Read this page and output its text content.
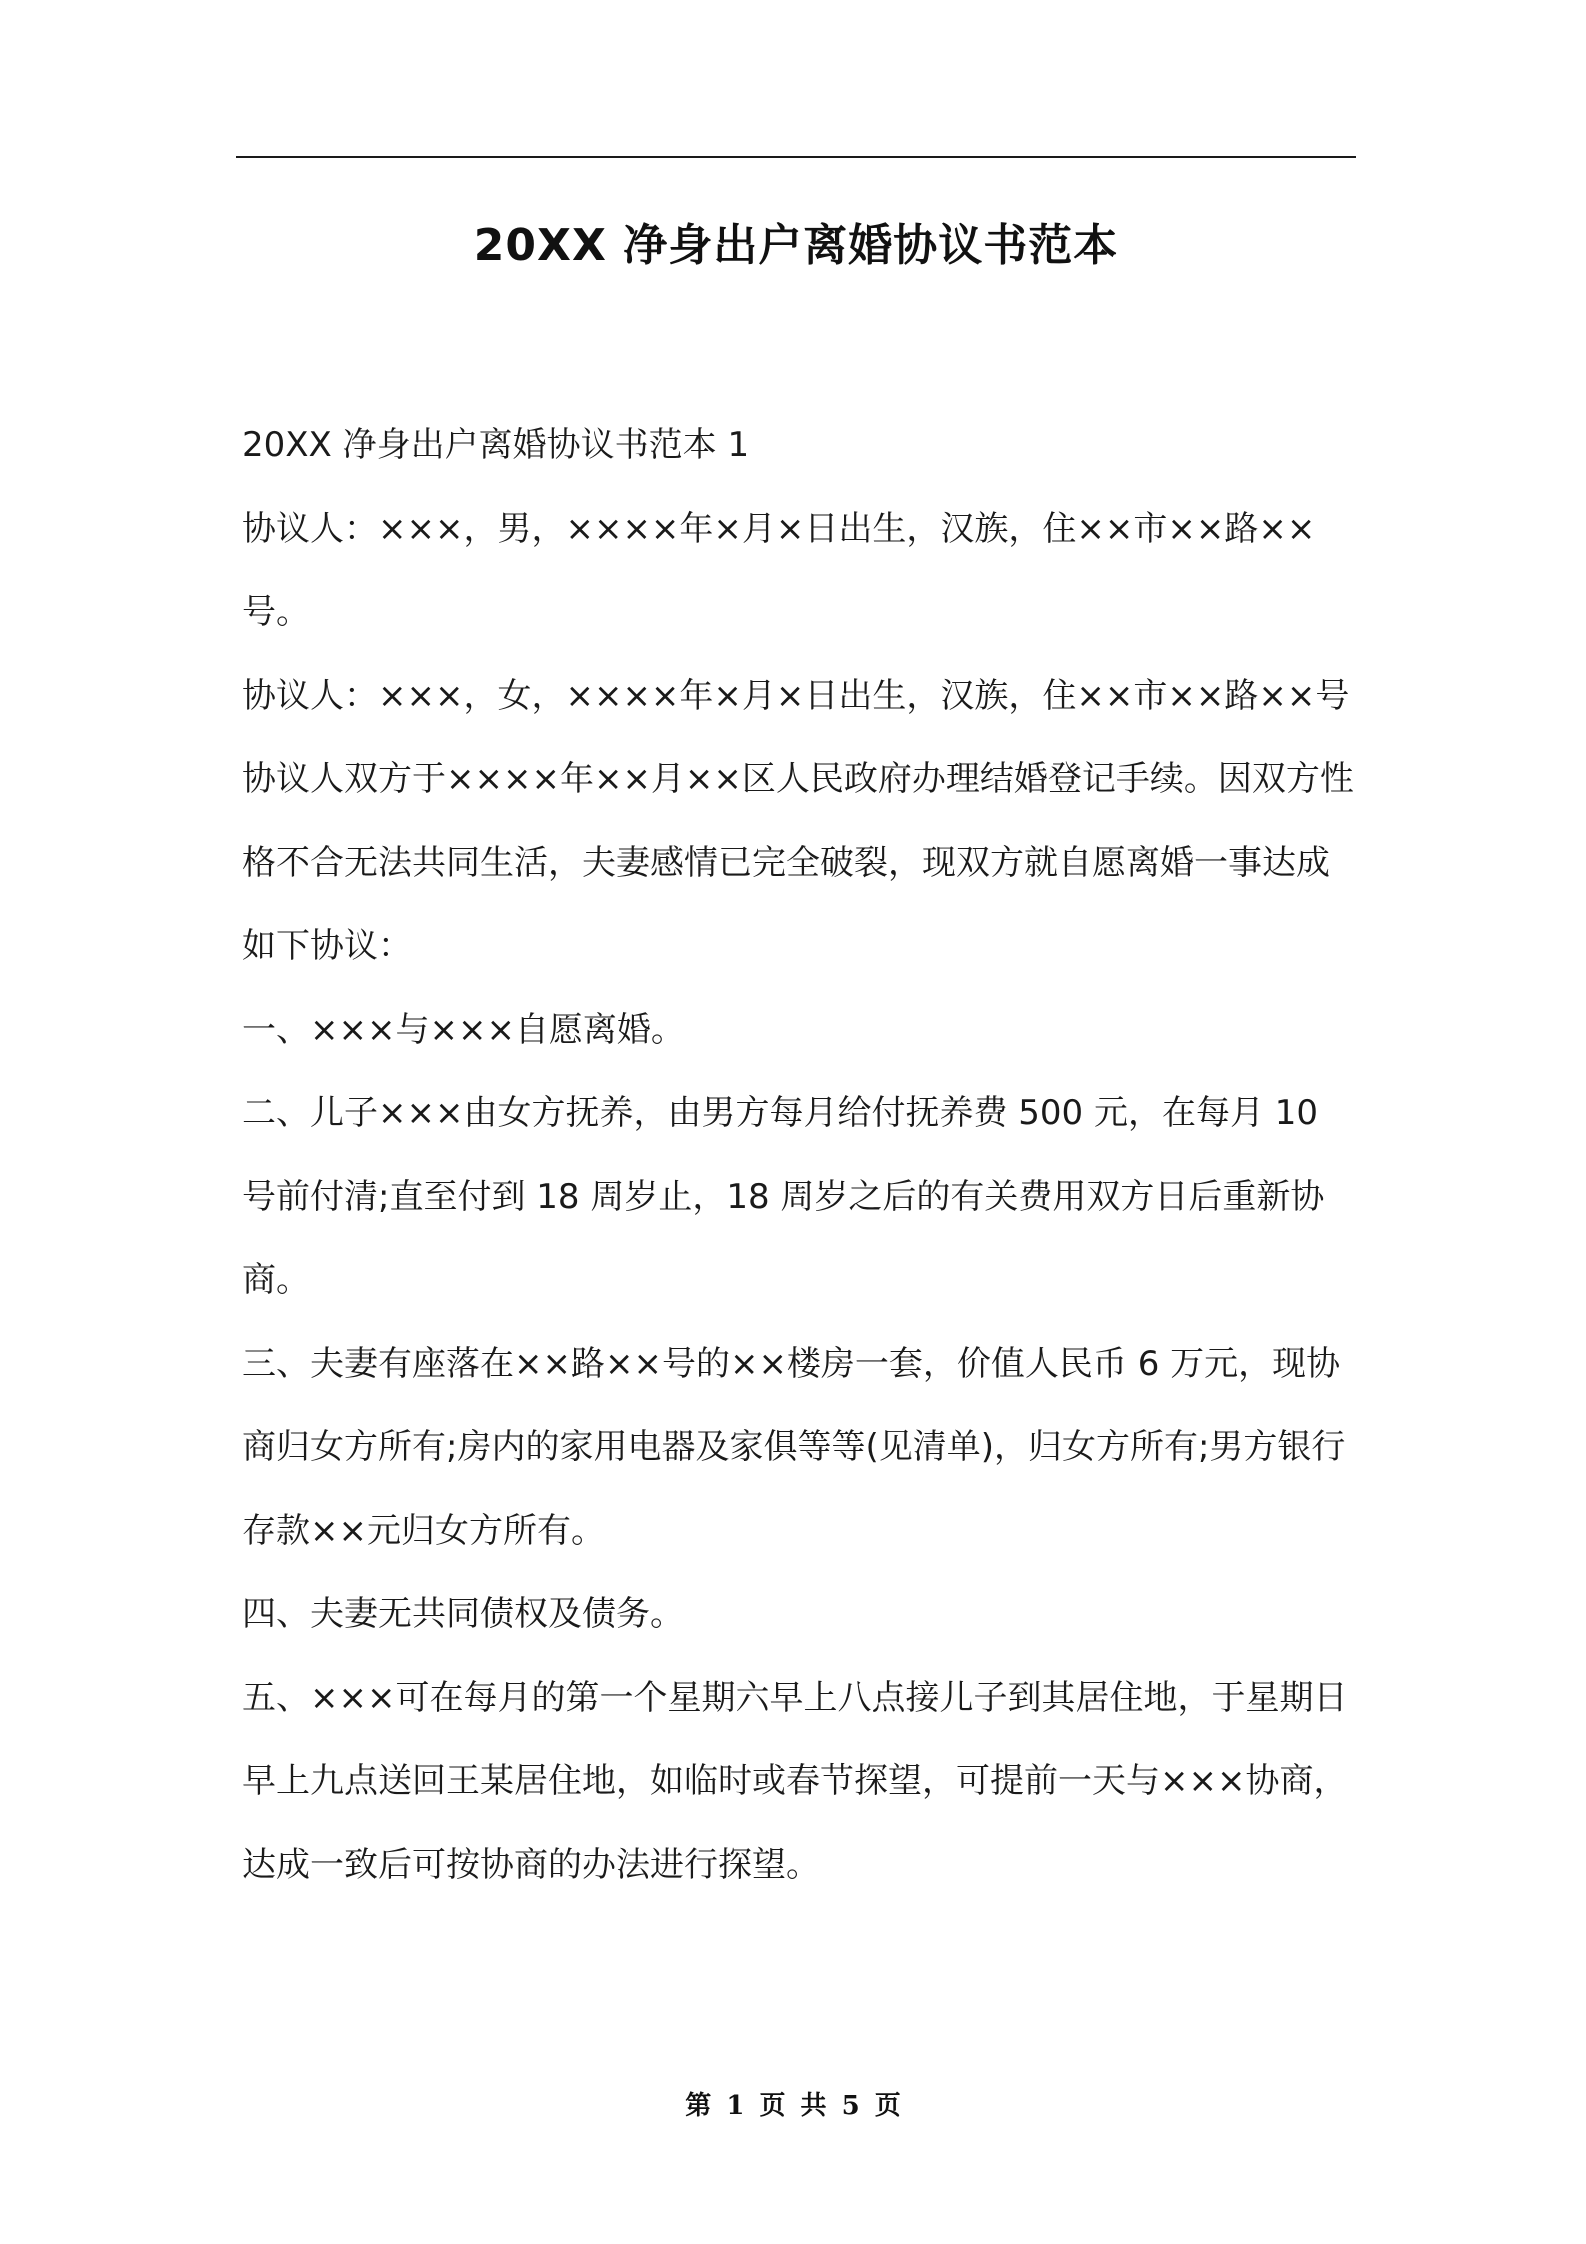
20XX 净身出户离婚协议书范本

20XX 净身出户离婚协议书范本 1

协议人：×××，男，××××年×月×日出生，汉族，住××市××路××号。

协议人：×××，女，××××年×月×日出生，汉族，住××市××路××号

协议人双方于××××年××月××区人民政府办理结婚登记手续。因双方性格不合无法共同生活，夫妻感情已完全破裂，现双方就自愿离婚一事达成如下协议：

一、×××与×××自愿离婚。

二、儿子×××由女方抚养，由男方每月给付抚养费 500 元，在每月 10 号前付清;直至付到 18 周岁止，18 周岁之后的有关费用双方日后重新协商。

三、夫妻有座落在××路××号的××楼房一套，价值人民币 6 万元，现协商归女方所有;房内的家用电器及家俱等等(见清单)，归女方所有;男方银行存款××元归女方所有。

四、夫妻无共同债权及债务。

五、×××可在每月的第一个星期六早上八点接儿子到其居住地，于星期日早上九点送回王某居住地，如临时或春节探望，可提前一天与×××协商，达成一致后可按协商的办法进行探望。

第 1 页 共 5 页
